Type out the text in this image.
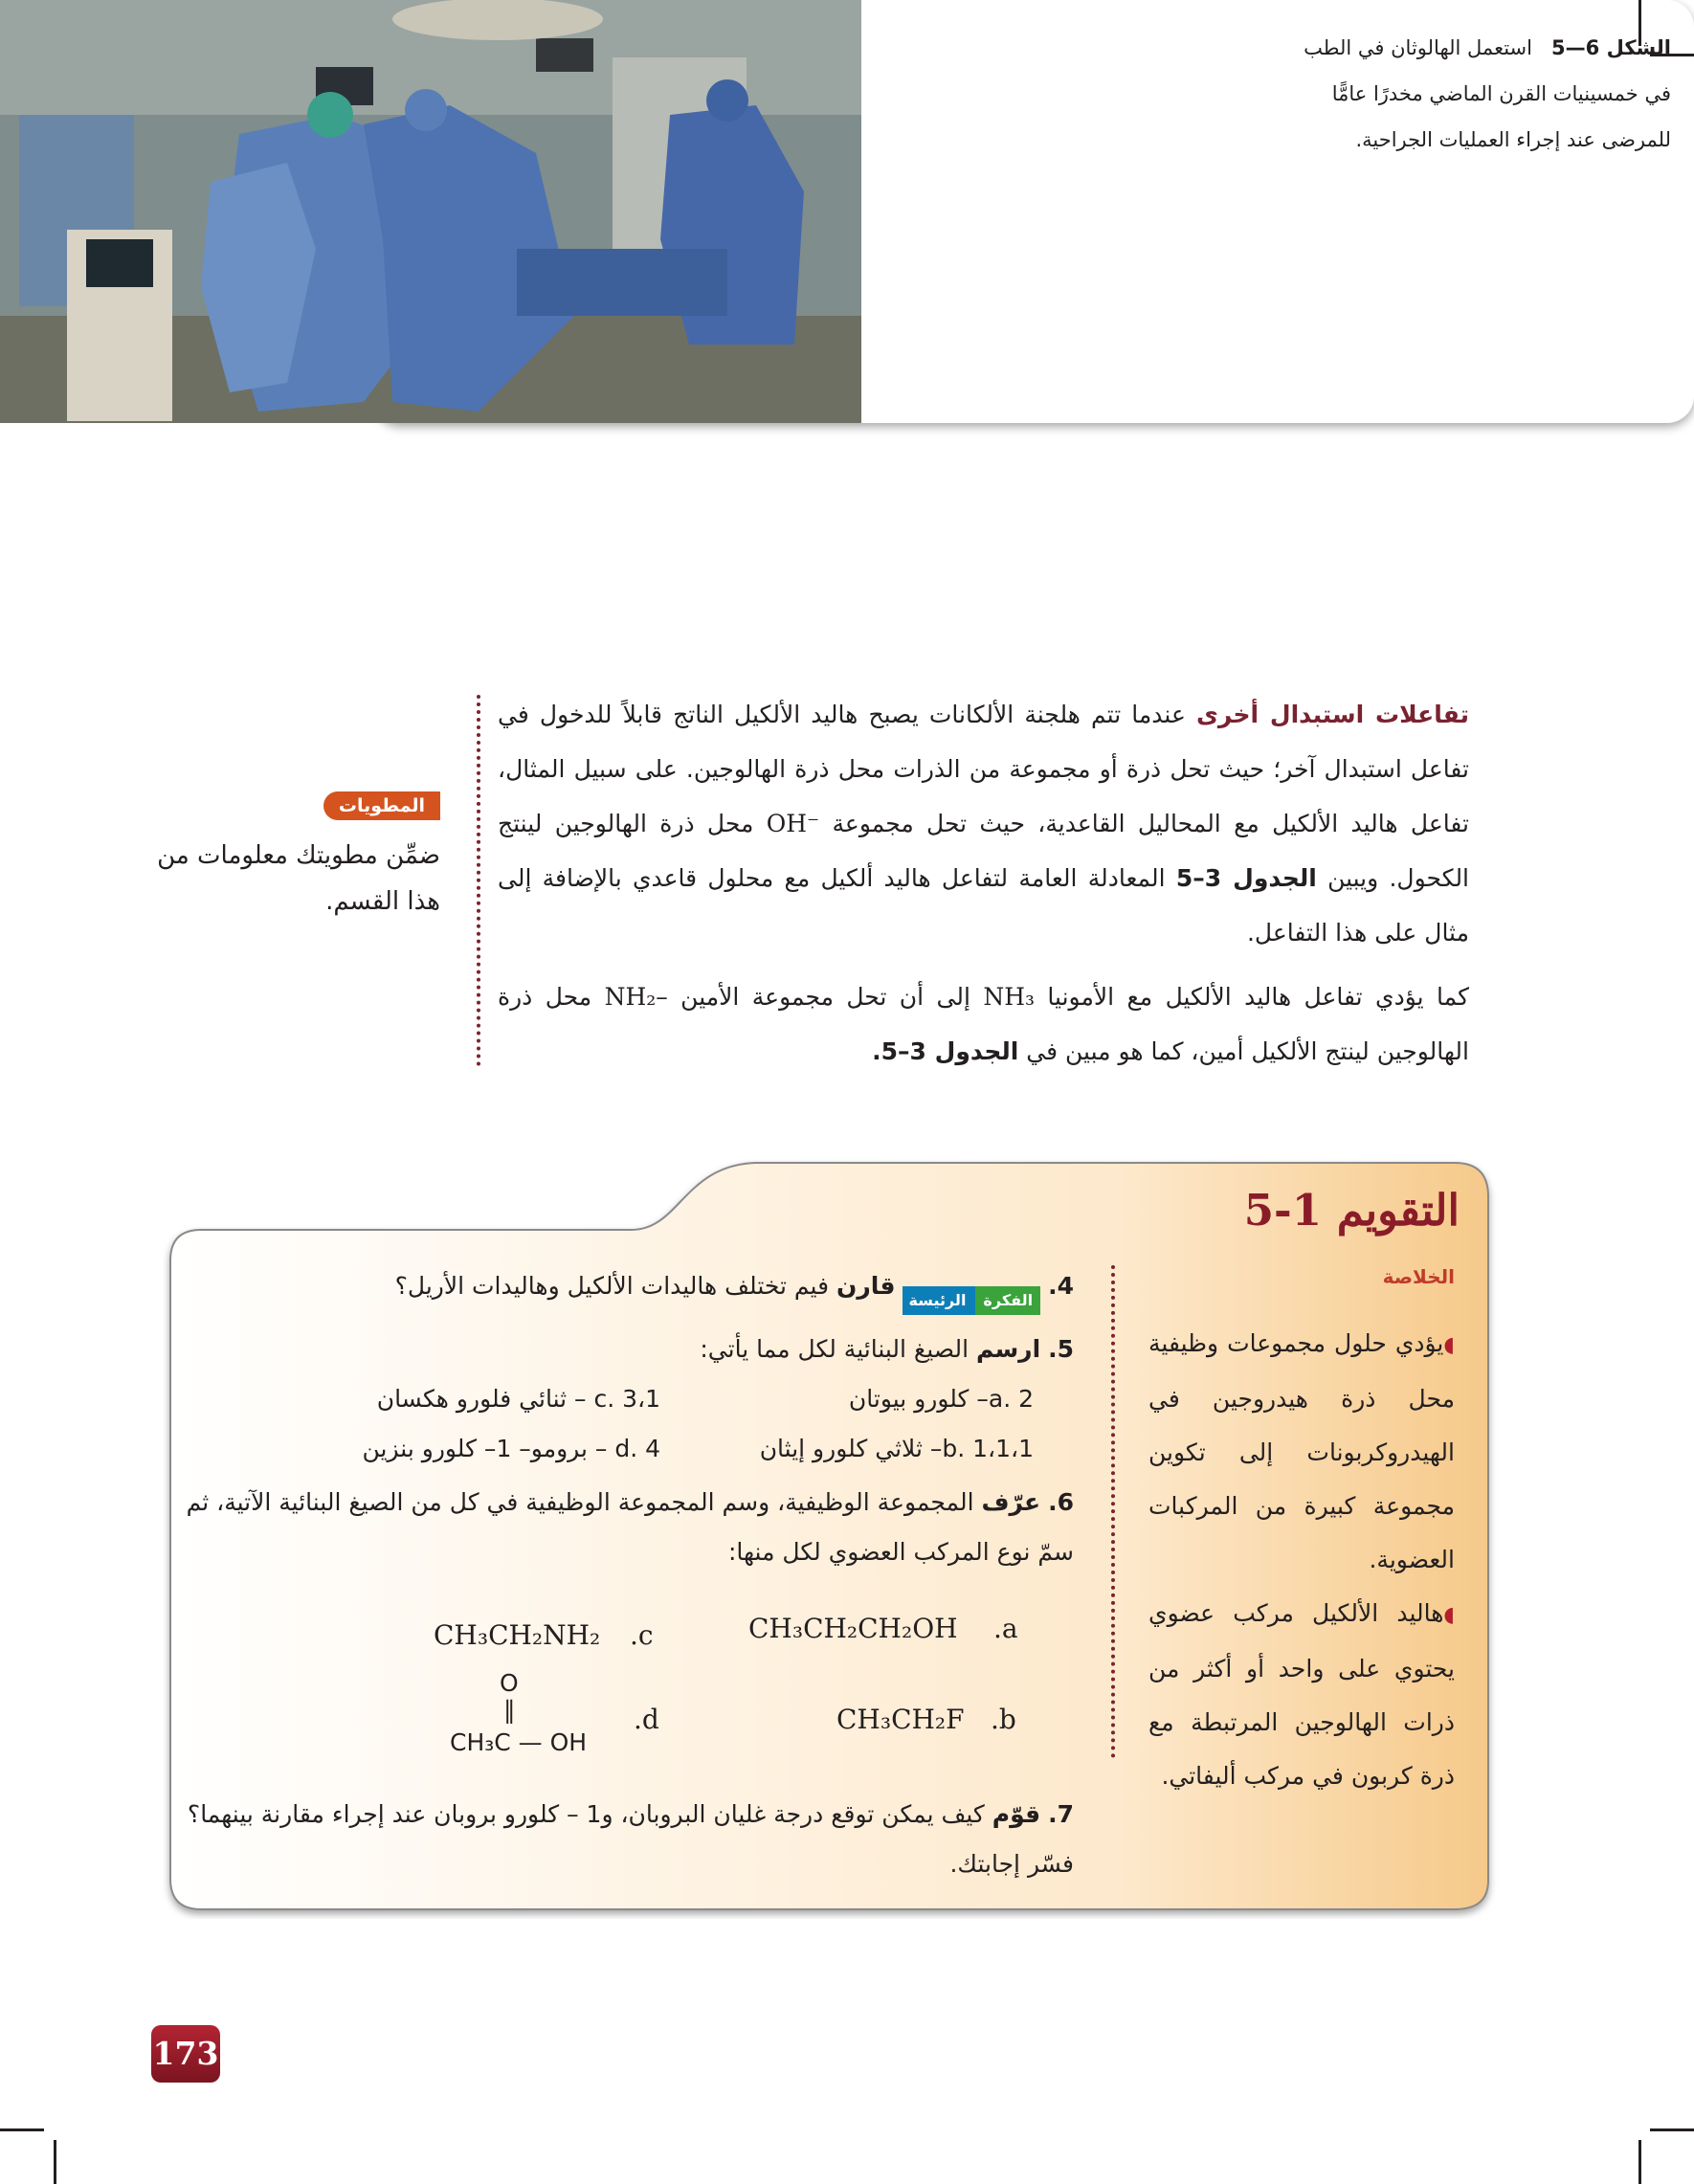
الشكل 6—5   استعمل الهالوثان في الطب في خمسينيات القرن الماضي مخدرًا عامًّا للمرضى عند إجراء العمليات الجراحية.

تفاعلات استبدال أخرى عندما تتم هلجنة الألكانات يصبح هاليد الألكيل الناتج قابلاً للدخول في تفاعل استبدال آخر؛ حيث تحل ذرة أو مجموعة من الذرات محل ذرة الهالوجين. على سبيل المثال، تفاعل هاليد الألكيل مع المحاليل القاعدية، حيث تحل مجموعة OH⁻ محل ذرة الهالوجين لينتج الكحول. ويبين الجدول 3–5 المعادلة العامة لتفاعل هاليد ألكيل مع محلول قاعدي بالإضافة إلى مثال على هذا التفاعل.

كما يؤدي تفاعل هاليد الألكيل مع الأمونيا NH₃ إلى أن تحل مجموعة الأمين NH₂– محل ذرة الهالوجين لينتج الألكيل أمين، كما هو مبين في الجدول 3–5.

المطويات
ضمِّن مطويتك معلومات من هذا القسم.
التقويم 1-5
الخلاصة
◖يؤدي حلول مجموعات وظيفية محل ذرة هيدروجين في الهيدروكربونات إلى تكوين مجموعة كبيرة من المركبات العضوية.
◖هاليد الألكيل مركب عضوي يحتوي على واحد أو أكثر من ذرات الهالوجين المرتبطة مع ذرة كربون في مركب أليفاتي.
4. الفكرةالرئيسة قارن فيم تختلف هاليدات الألكيل وهاليدات الأريل؟
5. ارسم الصيغ البنائية لكل مما يأتي:
a. 2– كلورو بيوتان
b. 1،1،1– ثلاثي كلورو إيثان
c. 3،1 – ثنائي فلورو هكسان
d. 4 – برومو– 1– كلورو بنزين
6. عرّف المجموعة الوظيفية، وسم المجموعة الوظيفية في كل من الصيغ البنائية الآتية، ثم سمّ نوع المركب العضوي لكل منها:
.a
CH₃CH₂CH₂OH
.c
CH₃CH₂NH₂
.b
CH₃CH₂F
.d
O
‖
CH₃C — OH
7. قوّم كيف يمكن توقع درجة غليان البروبان، و1 – كلورو بروبان عند إجراء مقارنة بينهما؟ فسّر إجابتك.
173
